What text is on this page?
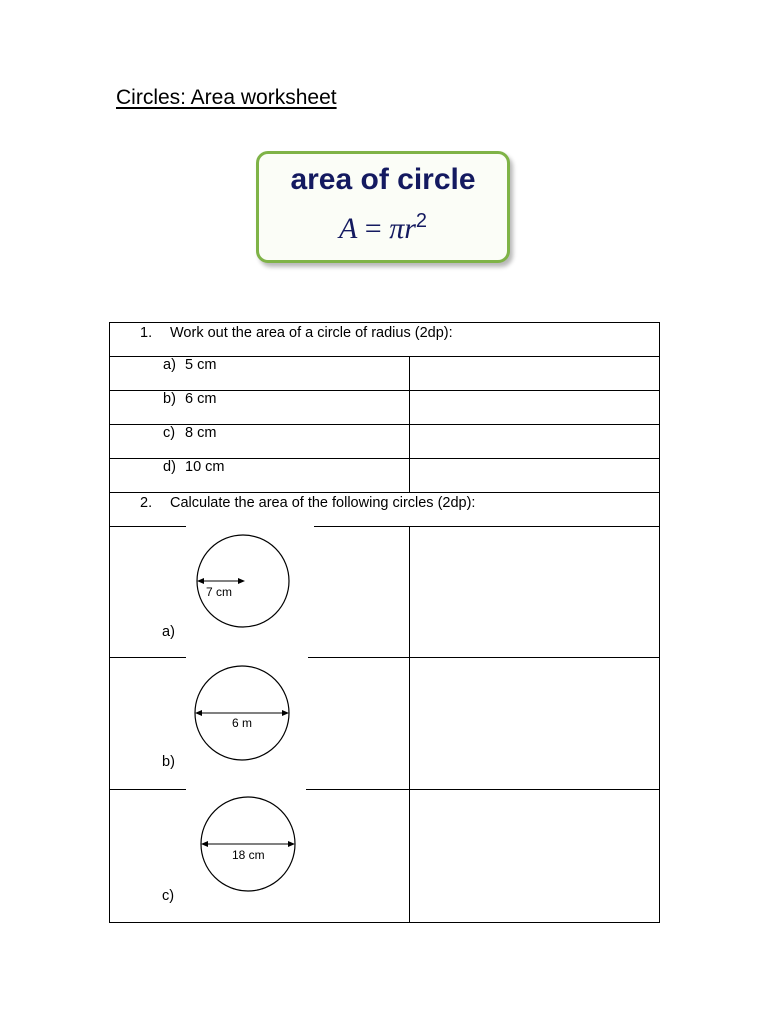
Circles: Area worksheet
area of circle
$A = \pi r^2$
1. Work out the area of a circle of radius (2dp):	
a) 5 cm	
b) 6 cm	
c) 8 cm	
d) 10 cm	
2. Calculate the area of the following circles (2dp):	

7 cm
a)	

6 m
b)	

18 cm
c)	
